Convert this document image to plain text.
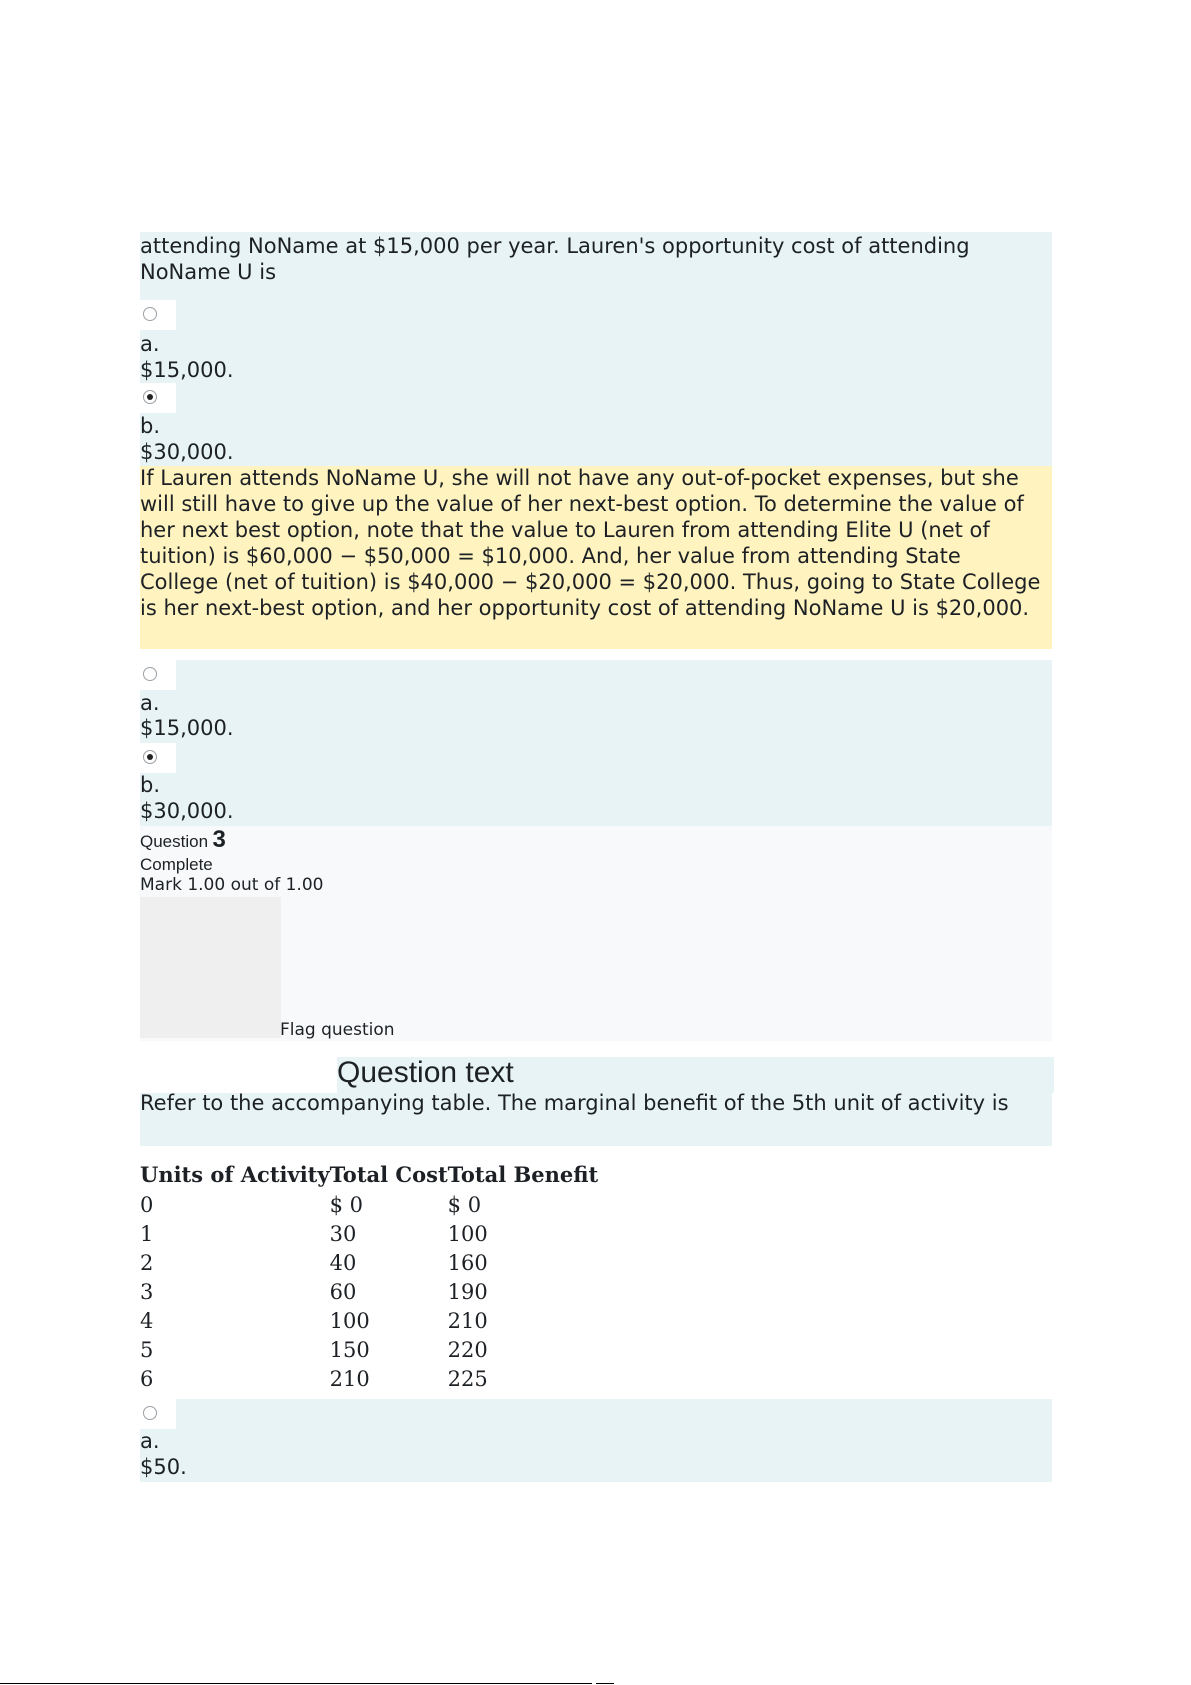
attending NoName at $15,000 per year. Lauren's opportunity cost of attending NoName U is
a.
$15,000.
b.
$30,000.
If Lauren attends NoName U, she will not have any out-of-pocket expenses, but she will still have to give up the value of her next-best option. To determine the value of her next best option, note that the value to Lauren from attending Elite U (net of tuition) is $60,000 − $50,000 = $10,000. And, her value from attending State College (net of tuition) is $40,000 − $20,000 = $20,000. Thus, going to State College is her next-best option, and her opportunity cost of attending NoName U is $20,000.
a.
$15,000.
b.
$30,000.
Question 3
Complete
Mark 1.00 out of 1.00
Flag question
Question text
Refer to the accompanying table. The marginal benefit of the 5th unit of activity is
Units of Activity	Total Cost	Total Benefit
0	$ 0	$ 0
1	30	100
2	40	160
3	60	190
4	100	210
5	150	220
6	210	225
a.
$50.
